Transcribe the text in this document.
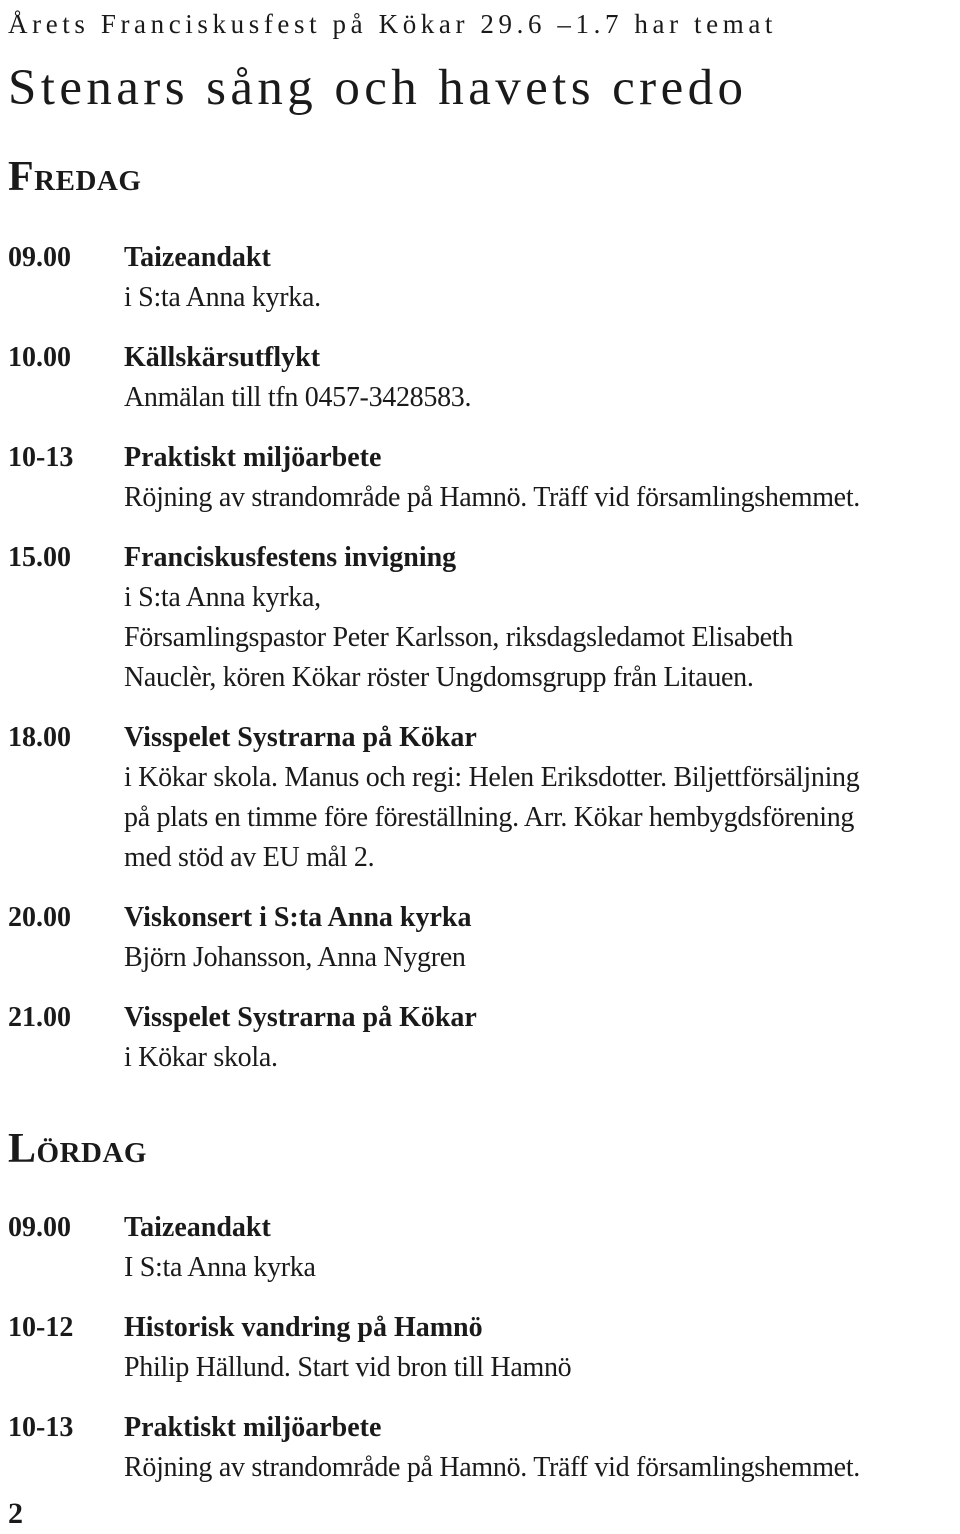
Årets Franciskusfest på Kökar 29.6 –1.7 har temat
Stenars sång och havets credo
Fredag
09.00 Taizeandakt
i S:ta Anna kyrka.
10.00 Källskärsutflykt
Anmälan till tfn 0457-3428583.
10-13 Praktiskt miljöarbete
Röjning av strandområde på Hamnö. Träff vid församlingshemmet.
15.00 Franciskusfestens invigning
i S:ta Anna kyrka,
Församlingspastor Peter Karlsson, riksdagsledamot Elisabeth
Nauclèr, kören Kökar röster Ungdomsgrupp från Litauen.
18.00 Visspelet Systrarna på Kökar
i Kökar skola. Manus och regi: Helen Eriksdotter. Biljettförsäljning
på plats en timme före föreställning. Arr. Kökar hembygdsförening
med stöd av EU mål 2.
20.00 Viskonsert i S:ta Anna kyrka
Björn Johansson, Anna Nygren
21.00 Visspelet Systrarna på Kökar
i Kökar skola.
Lördag
09.00 Taizeandakt
I S:ta Anna kyrka
10-12 Historisk vandring på Hamnö
Philip Hällund. Start vid bron till Hamnö
10-13 Praktiskt miljöarbete
Röjning av strandområde på Hamnö. Träff vid församlingshemmet.
2
